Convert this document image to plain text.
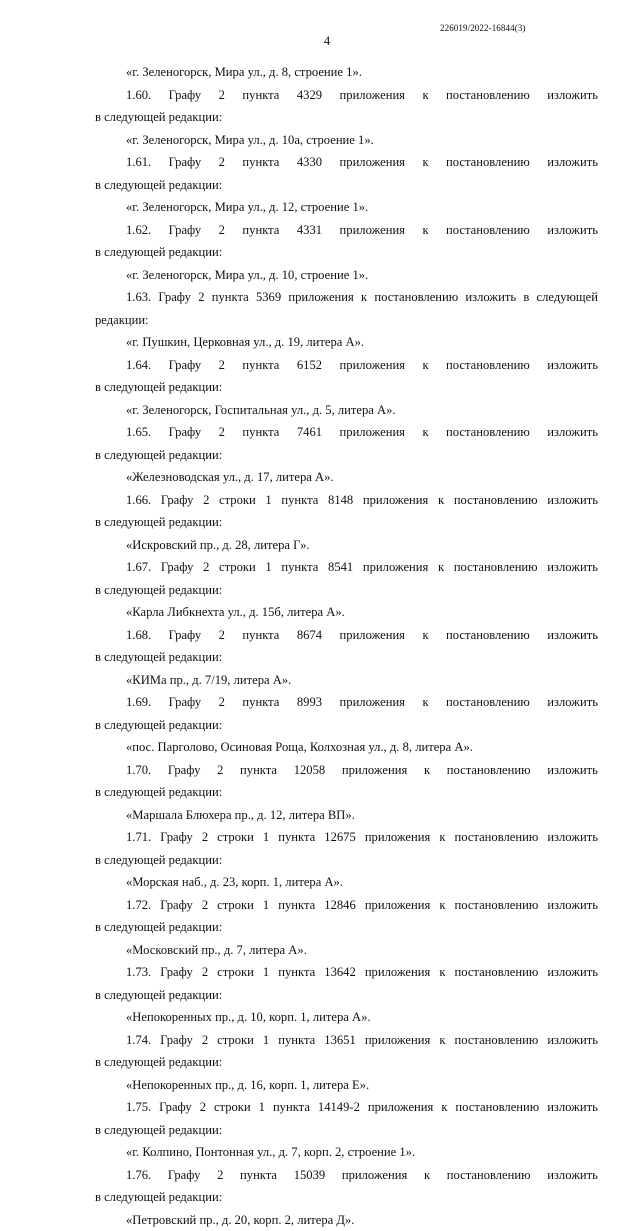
226019/2022-16844(3)
4
«г. Зеленогорск, Мира ул., д. 8, строение 1».
1.60. Графу 2 пункта 4329 приложения к постановлению изложить
в следующей редакции:
«г. Зеленогорск, Мира ул., д. 10а, строение 1».
1.61. Графу 2 пункта 4330 приложения к постановлению изложить
в следующей редакции:
«г. Зеленогорск, Мира ул., д. 12, строение 1».
1.62. Графу 2 пункта 4331 приложения к постановлению изложить
в следующей редакции:
«г. Зеленогорск, Мира ул., д. 10, строение 1».
1.63. Графу 2 пункта 5369 приложения к постановлению изложить в следующей
редакции:
«г. Пушкин, Церковная ул., д. 19, литера А».
1.64. Графу 2 пункта 6152 приложения к постановлению изложить
в следующей редакции:
«г. Зеленогорск, Госпитальная ул., д. 5, литера А».
1.65. Графу 2 пункта 7461 приложения к постановлению изложить
в следующей редакции:
«Железноводская ул., д. 17, литера А».
1.66. Графу 2 строки 1 пункта 8148 приложения к постановлению изложить
в следующей редакции:
«Искровский пр., д. 28, литера Г».
1.67. Графу 2 строки 1 пункта 8541 приложения к постановлению изложить
в следующей редакции:
«Карла Либкнехта ул., д. 15б, литера А».
1.68. Графу 2 пункта 8674 приложения к постановлению изложить
в следующей редакции:
«КИМа пр., д. 7/19, литера А».
1.69. Графу 2 пункта 8993 приложения к постановлению изложить
в следующей редакции:
«пос. Парголово, Осиновая Роща, Колхозная ул., д. 8, литера А».
1.70. Графу 2 пункта 12058 приложения к постановлению изложить
в следующей редакции:
«Маршала Блюхера пр., д. 12, литера ВП».
1.71. Графу 2 строки 1 пункта 12675 приложения к постановлению изложить
в следующей редакции:
«Морская наб., д. 23, корп. 1, литера А».
1.72. Графу 2 строки 1 пункта 12846 приложения к постановлению изложить
в следующей редакции:
«Московский пр., д. 7, литера А».
1.73. Графу 2 строки 1 пункта 13642 приложения к постановлению изложить
в следующей редакции:
«Непокоренных пр., д. 10, корп. 1, литера А».
1.74. Графу 2 строки 1 пункта 13651 приложения к постановлению изложить
в следующей редакции:
«Непокоренных пр., д. 16, корп. 1, литера Е».
1.75. Графу 2 строки 1 пункта 14149-2 приложения к постановлению изложить
в следующей редакции:
«г. Колпино, Понтонная ул., д. 7, корп. 2, строение 1».
1.76. Графу 2 пункта 15039 приложения к постановлению изложить
в следующей редакции:
«Петровский пр., д. 20, корп. 2, литера Д».
